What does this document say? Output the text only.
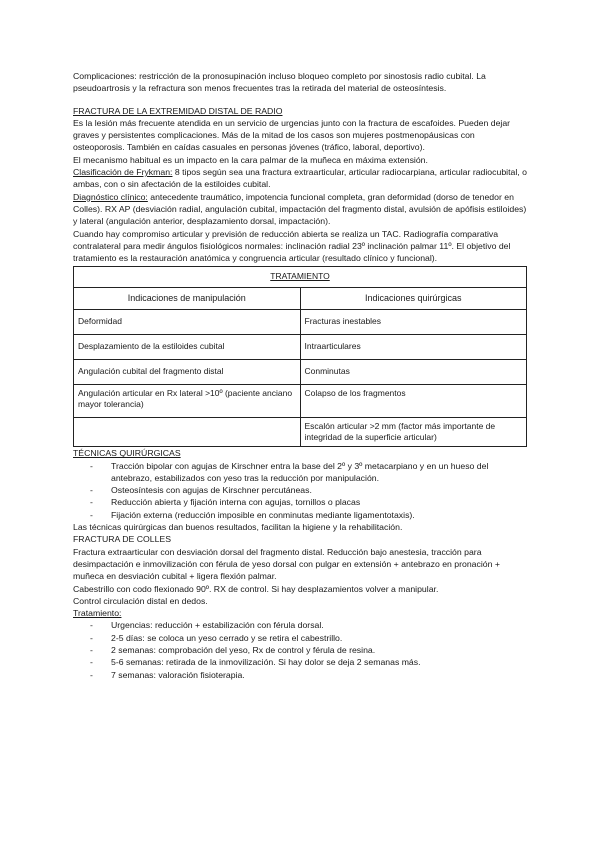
Complicaciones: restricción de la pronosupinación incluso bloqueo completo por sinostosis radio cubital. La pseudoartrosis y la refractura son menos frecuentes tras la retirada del material de osteosíntesis.

FRACTURA DE LA EXTREMIDAD DISTAL DE RADIO

Es la lesión más frecuente atendida en un servicio de urgencias junto con la fractura de escafoides. Pueden dejar graves y persistentes complicaciones. Más de la mitad de los casos son mujeres postmenopáusicas con osteoporosis. También en caídas casuales en personas jóvenes (tráfico, laboral, deportivo).

El mecanismo habitual es un impacto en la cara palmar de la muñeca en máxima extensión.

Clasificación de Frykman: 8 tipos según sea una fractura extraarticular, articular radiocarpiana, articular radiocubital, o ambas, con o sin afectación de la estiloides cubital.

Diagnóstico clínico: antecedente traumático, impotencia funcional completa, gran deformidad (dorso de tenedor en Colles). RX AP (desviación radial, angulación cubital, impactación del fragmento distal, avulsión de apófisis estiloides) y lateral (angulación anterior, desplazamiento dorsal, impactación).

Cuando hay compromiso articular y previsión de reducción abierta se realiza un TAC. Radiografía comparativa contralateral para medir ángulos fisiológicos normales: inclinación radial 23º inclinación palmar 11º. El objetivo del tratamiento es la restauración anatómica y congruencia articular (resultado clínico y funcional).

TRATAMIENTO	
Indicaciones de manipulación	Indicaciones quirúrgicas
Deformidad	Fracturas inestables
Desplazamiento de la estiloides cubital	Intraarticulares
Angulación cubital del fragmento distal	Conminutas
Angulación articular en Rx lateral >10º (paciente anciano mayor tolerancia)	Colapso de los fragmentos
	Escalón articular >2 mm (factor más importante de integridad de la superficie articular)

TÉCNICAS QUIRÚRGICAS

- Tracción bipolar con agujas de Kirschner entra la base del 2º y 3º metacarpiano y en un hueso del antebrazo, estabilizados con yeso tras la reducción por manipulación.
- Osteosíntesis con agujas de Kirschner percutáneas.
- Reducción abierta y fijación interna con agujas, tornillos o placas
- Fijación externa (reducción imposible en conminutas mediante ligamentotaxis).

Las técnicas quirúrgicas dan buenos resultados, facilitan la higiene y la rehabilitación.

FRACTURA DE COLLES

Fractura extraarticular con desviación dorsal del fragmento distal. Reducción bajo anestesia, tracción para desimpactación e inmovilización con férula de yeso dorsal con pulgar en extensión + antebrazo en pronación + muñeca en desviación cubital + ligera flexión palmar.

Cabestrillo con codo flexionado 90º. RX de control. Si hay desplazamientos volver a manipular.

Control circulación distal en dedos.

Tratamiento:

- Urgencias: reducción + estabilización con férula dorsal.
- 2-5 días: se coloca un yeso cerrado y se retira el cabestrillo.
- 2 semanas: comprobación del yeso, Rx de control y férula de resina.
- 5-6 semanas: retirada de la inmovilización. Si hay dolor se deja 2 semanas más.
- 7 semanas: valoración fisioterapia.
